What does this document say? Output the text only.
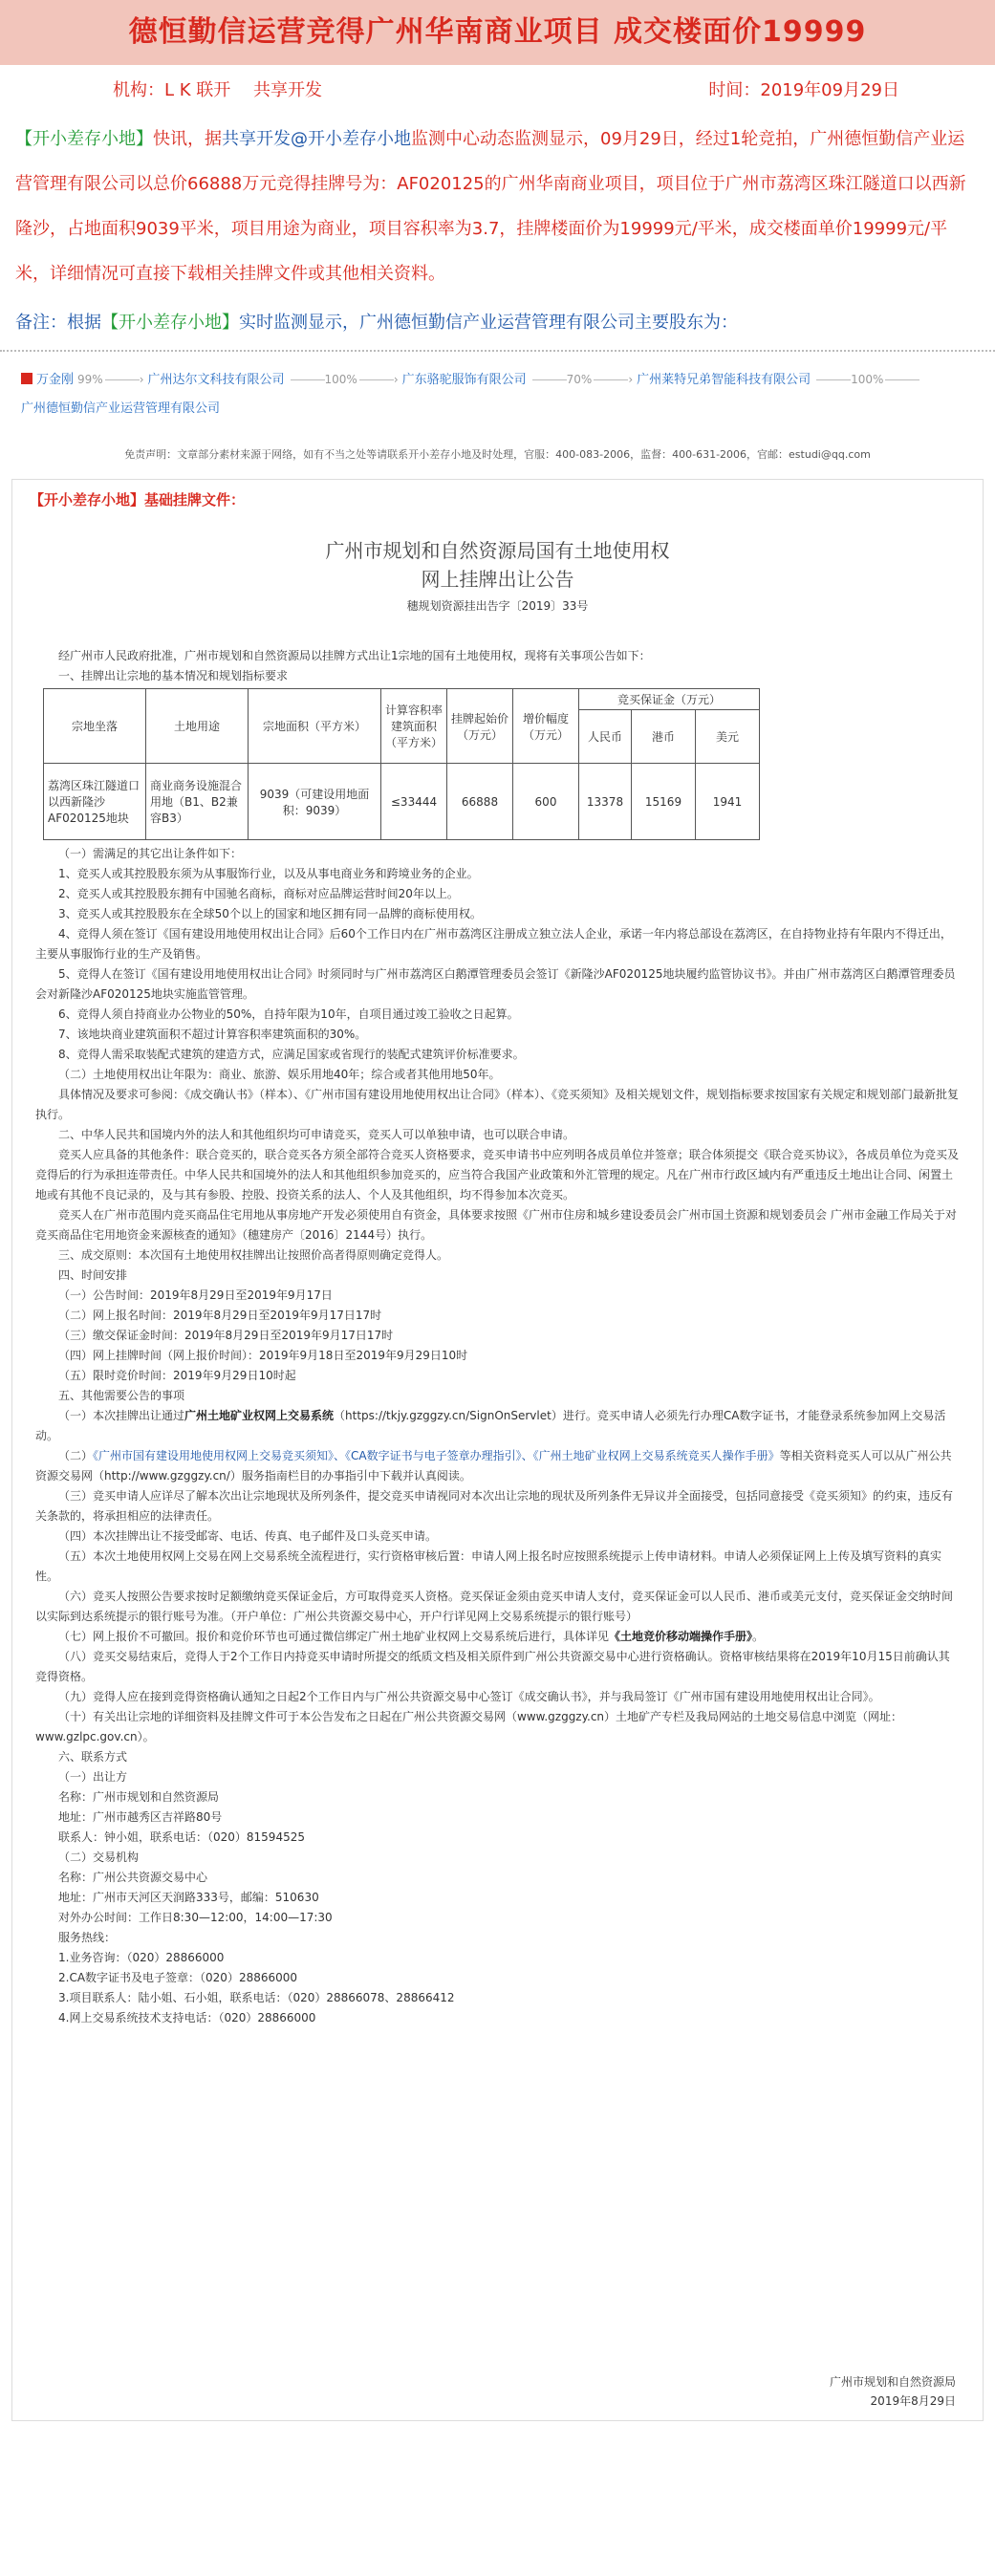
德恒勤信运营竞得广州华南商业项目 成交楼面价19999
机构：L K 联开 　共享开发	时间：2019年09月29日
【开小差存小地】快讯，据共享开发@开小差存小地监测中心动态监测显示，09月29日，经过1轮竞拍，广州德恒勤信产业运营管理有限公司以总价66888万元竞得挂牌号为：AF020125的广州华南商业项目，项目位于广州市荔湾区珠江隧道口以西新隆沙，占地面积9039平米，项目用途为商业，项目容积率为3.7，挂牌楼面价为19999元/平米，成交楼面单价19999元/平米，详细情况可直接下载相关挂牌文件或其他相关资料。
备注：根据【开小差存小地】实时监测显示，广州德恒勤信产业运营管理有限公司主要股东为：
万金刚 99%	› 广州达尔文科技有限公司	100%	› 广东骆驼服饰有限公司	70%	› 广州莱特兄弟智能科技有限公司	100%
广州德恒勤信产业运营管理有限公司
免责声明：文章部分素材来源于网络，如有不当之处等请联系开小差存小地及时处理，官服：400-083-2006，监督：400-631-2006，官邮：estudi@qq.com
【开小差存小地】基础挂牌文件：
广州市规划和自然资源局国有土地使用权
网上挂牌出让公告
穗规划资源挂出告字〔2019〕33号
经广州市人民政府批准，广州市规划和自然资源局以挂牌方式出让1宗地的国有土地使用权，现将有关事项公告如下：
一、挂牌出让宗地的基本情况和规划指标要求
宗地坐落	土地用途	宗地面积（平方米）	计算容积率建筑面积（平方米）	挂牌起始价（万元）	增价幅度（万元）	竞买保证金（万元）		
						人民币	港币	美元
荔湾区珠江隧道口以西新隆沙AF020125地块	商业商务设施混合用地（B1、B2兼容B3）	9039（可建设用地面积：9039）	≤33444	66888	600	13378	15169	1941
（一）需满足的其它出让条件如下：
1、竞买人或其控股股东须为从事服饰行业，以及从事电商业务和跨境业务的企业。
2、竞买人或其控股股东拥有中国驰名商标，商标对应品牌运营时间20年以上。
3、竞买人或其控股股东在全球50个以上的国家和地区拥有同一品牌的商标使用权。
4、竞得人须在签订《国有建设用地使用权出让合同》后60个工作日内在广州市荔湾区注册成立独立法人企业，承诺一年内将总部设在荔湾区，在自持物业持有年限内不得迁出，主要从事服饰行业的生产及销售。
5、竞得人在签订《国有建设用地使用权出让合同》时须同时与广州市荔湾区白鹅潭管理委员会签订《新隆沙AF020125地块履约监管协议书》。并由广州市荔湾区白鹅潭管理委员会对新隆沙AF020125地块实施监管管理。
6、竞得人须自持商业办公物业的50%，自持年限为10年，自项目通过竣工验收之日起算。
7、该地块商业建筑面积不超过计算容积率建筑面积的30%。
8、竞得人需采取装配式建筑的建造方式，应满足国家或省现行的装配式建筑评价标准要求。
（二）土地使用权出让年限为：商业、旅游、娱乐用地40年；综合或者其他用地50年。
具体情况及要求可参阅：《成交确认书》（样本）、《广州市国有建设用地使用权出让合同》（样本）、《竞买须知》及相关规划文件，规划指标要求按国家有关规定和规划部门最新批复执行。
二、中华人民共和国境内外的法人和其他组织均可申请竞买，竞买人可以单独申请，也可以联合申请。
竞买人应具备的其他条件：联合竞买的，联合竞买各方须全部符合竞买人资格要求，竞买申请书中应列明各成员单位并签章；联合体须提交《联合竞买协议》，各成员单位为竞买及竞得后的行为承担连带责任。中华人民共和国境外的法人和其他组织参加竞买的，应当符合我国产业政策和外汇管理的规定。凡在广州市行政区域内有严重违反土地出让合同、闲置土地或有其他不良记录的，及与其有参股、控股、投资关系的法人、个人及其他组织，均不得参加本次竞买。
竞买人在广州市范围内竞买商品住宅用地从事房地产开发必须使用自有资金，具体要求按照《广州市住房和城乡建设委员会广州市国土资源和规划委员会 广州市金融工作局关于对竞买商品住宅用地资金来源核查的通知》（穗建房产〔2016〕2144号）执行。
三、成交原则：本次国有土地使用权挂牌出让按照价高者得原则确定竞得人。
四、时间安排
（一）公告时间：2019年8月29日至2019年9月17日
（二）网上报名时间：2019年8月29日至2019年9月17日17时
（三）缴交保证金时间：2019年8月29日至2019年9月17日17时
（四）网上挂牌时间（网上报价时间）：2019年9月18日至2019年9月29日10时
（五）限时竞价时间：2019年9月29日10时起
五、其他需要公告的事项
（一）本次挂牌出让通过广州土地矿业权网上交易系统（https://tkjy.gzggzy.cn/SignOnServlet）进行。竞买申请人必须先行办理CA数字证书，才能登录系统参加网上交易活动。
（二）《广州市国有建设用地使用权网上交易竞买须知》、《CA数字证书与电子签章办理指引》、《广州土地矿业权网上交易系统竞买人操作手册》等相关资料竞买人可以从广州公共资源交易网（http://www.gzggzy.cn/）服务指南栏目的办事指引中下载并认真阅读。
（三）竞买申请人应详尽了解本次出让宗地现状及所列条件，提交竞买申请视同对本次出让宗地的现状及所列条件无异议并全面接受，包括同意接受《竞买须知》的约束，违反有关条款的，将承担相应的法律责任。
（四）本次挂牌出让不接受邮寄、电话、传真、电子邮件及口头竞买申请。
（五）本次土地使用权网上交易在网上交易系统全流程进行，实行资格审核后置：申请人网上报名时应按照系统提示上传申请材料。申请人必须保证网上上传及填写资料的真实性。
（六）竞买人按照公告要求按时足额缴纳竞买保证金后，方可取得竞买人资格。竞买保证金须由竞买申请人支付，竞买保证金可以人民币、港币或美元支付，竞买保证金交纳时间以实际到达系统提示的银行账号为准。（开户单位：广州公共资源交易中心，开户行详见网上交易系统提示的银行账号）
（七）网上报价不可撤回。报价和竞价环节也可通过微信绑定广州土地矿业权网上交易系统后进行，具体详见《土地竞价移动端操作手册》。
（八）竞买交易结束后，竞得人于2个工作日内持竞买申请时所提交的纸质文档及相关原件到广州公共资源交易中心进行资格确认。资格审核结果将在2019年10月15日前确认其竞得资格。
（九）竞得人应在接到竞得资格确认通知之日起2个工作日内与广州公共资源交易中心签订《成交确认书》，并与我局签订《广州市国有建设用地使用权出让合同》。
（十）有关出让宗地的详细资料及挂牌文件可于本公告发布之日起在广州公共资源交易网（www.gzggzy.cn）土地矿产专栏及我局网站的土地交易信息中浏览（网址：www.gzlpc.gov.cn）。
六、联系方式
（一）出让方
名称：广州市规划和自然资源局
地址：广州市越秀区吉祥路80号
联系人：钟小姐，联系电话：（020）81594525
（二）交易机构
名称：广州公共资源交易中心
地址：广州市天河区天润路333号，邮编：510630
对外办公时间：工作日8:30—12:00，14:00—17:30
服务热线：
1.业务咨询：（020）28866000
2.CA数字证书及电子签章：（020）28866000
3.项目联系人：陆小姐、石小姐，联系电话：（020）28866078、28866412
4.网上交易系统技术支持电话：（020）28866000
广州市规划和自然资源局
2019年8月29日
